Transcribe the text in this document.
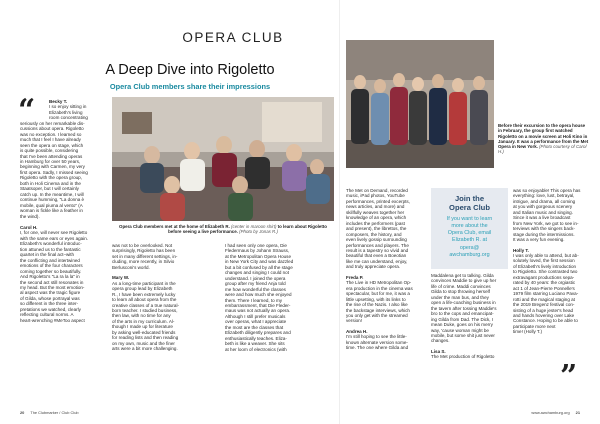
OPERA CLUB
A Deep Dive into Rigoletto
Opera Club members share their impressions
“	Becky T.
I so enjoy sitting in
Elizabeth's living
room concentrating
seriously on her remarkable dis-
cussions about opera. Rigoletto
was no exception. I learned so
much that I feel I have already
seen the opera on stage, which
is quite possible, considering
that I've been attending operas
in Hamburg for over 50 years,
beginning with Carmen, my very
first opera. Sadly, I missed seeing
Rigoletto with the opera group,
both in Holi Cinema and in the
Staatsoper, but I will certainly
catch up. In the meantime, I will
continue humming, "La donna è
mobile, qual piuma al vento" (A
woman is fickle like a feather in
the wind).
Carol H.
I, for one, will never see Rigoletto
with the same ears or eyes again.
Elizabeth's wonderful introduc-
tion attuned us to the fantastic
quartet in the final act–with
the conflicting and intertwined
emotions of the four characters
coming together so beautifully.
And Rigoletto's "La ra la la" in
the second act still resonates in
my head. But the most emotion-
al aspect was the tragic figure
of Gilda, whose portrayal was
so different in the three inter-
pretations we watched, clearly
reflecting cultural norms. A
heart-wrenching #MeToo aspect
Opera Club members met at the home of Elizabeth R. (center in maroon shirt) to learn about Rigoletto before seeing a live performance. (Photo by Jonas R.)
was not to be overlooked. Not
surprisingly, Rigoletto has been
set in many different settings, in-
cluding, more recently, in Silvio
Berlusconi's world.
Mary W.
As a long-time participant in the
opera group lead by Elizabeth
R., I have been extremely lucky
to learn all about opera from the
creative classes of a true natural-
born teacher. I studied business,
then law, with no time for any
of the arts in my curriculum. Al-
though I made up for literature
by asking well-educated friends
for reading lists and then reading
on my own, music and the finer
arts were a bit more challenging.
I had seen only one opera, Die
Fledermaus by Johann Strauss,
at the Metropolitan Opera House
in New York City and was dazzled
but a bit confused by all the stage
changes and singing I could not
understand. I joined the opera
group after my friend Anja told
me how wonderful the classes
were and how much she enjoyed
them. There I learned, to my
embarrassment, that Die Fleder-
maus was not actually an opera.
Although I still prefer musicals
over operas, what I appreciate
the most are the classes that
Elizabeth diligently prepares and
enthusiastically teaches. Eliza-
beth is like a weaver. She sits
at her loom of electronics (with
20 The Clubmarker / Club Club
Before their excursion to the opera house in February, the group first watched Rigoletto on a movie screen at Holi Kino in January. It was a performance from the Met Opera in New York. (Photo courtesy of Carol H.)
The Met on Demand, recorded
music, iPad photos, YouTube
performances, printed excerpts,
news articles, and more) and
skillfully weaves together her
knowledge of an opera, which
includes the performers (past
and present), the librettos, the
composers, the history, and
even lively gossip surrounding
performances and players. The
result is a tapestry so vivid and
beautiful that even a Boeotian
like me can understand, enjoy,
and truly appreciate opera.
Freda P.
The Live in HD Metropolitan Op-
era production in the cinema was
spectacular, but for me, it was a
little upsetting, with its links to
the rise of the Nazis. I also like
the backstage interviews, which
you only get with the streamed
version!
Andrea H.
I'm still hoping to see the little-
known alternate version some-
time. The one where Gilda and
Join the
Opera Club
If you want to learn
more about the
Opera Club, email
Elizabeth R. at
opera@
awchamburg.org
Maddalena get to talking. Gilda
convinces Maddie to give up her
life of crime. Maddi convinces
Gilda to stop throwing herself
under the man bus, and they
open a life-coaching business in
the tavern after tossing Maddie's
bro to the cops and emancipat-
ing Gilda from Dad. The Dick, I
mean Duke, goes on his merry
way, 'cause woman might be
mobile, but some shit just never
changes.
Lisa S.
The Met production of Rigoletto
was so enjoyable! This opera has
everything: love, lust, betrayal,
intrigue, and drama, all coming
at you with gorgeous scenery
and Italian music and singing.
Since it was a live broadcast
from New York, we got to see in-
terviews with the singers back-
stage during the intermissions.
It was a very fun evening.
Holly T.
I was only able to attend, but ab-
solutely loved, the first session
of Elizabeth's lively introduction
to Rigoletto. She contrasted two
extravagant productions sepa-
rated by 40 years: the orgiastic
act 1 of Jean-Pierre Ponnelle's
1979 film starring Luciano Pava-
rotti and the magical staging at
the 2019 Bregenz festival con-
sisting of a huge jester's head
and hands hovering over Lake
Constance. Hoping to be able to
participate more next
time! (Holly T.)
”
www.awchamburg.org 21
